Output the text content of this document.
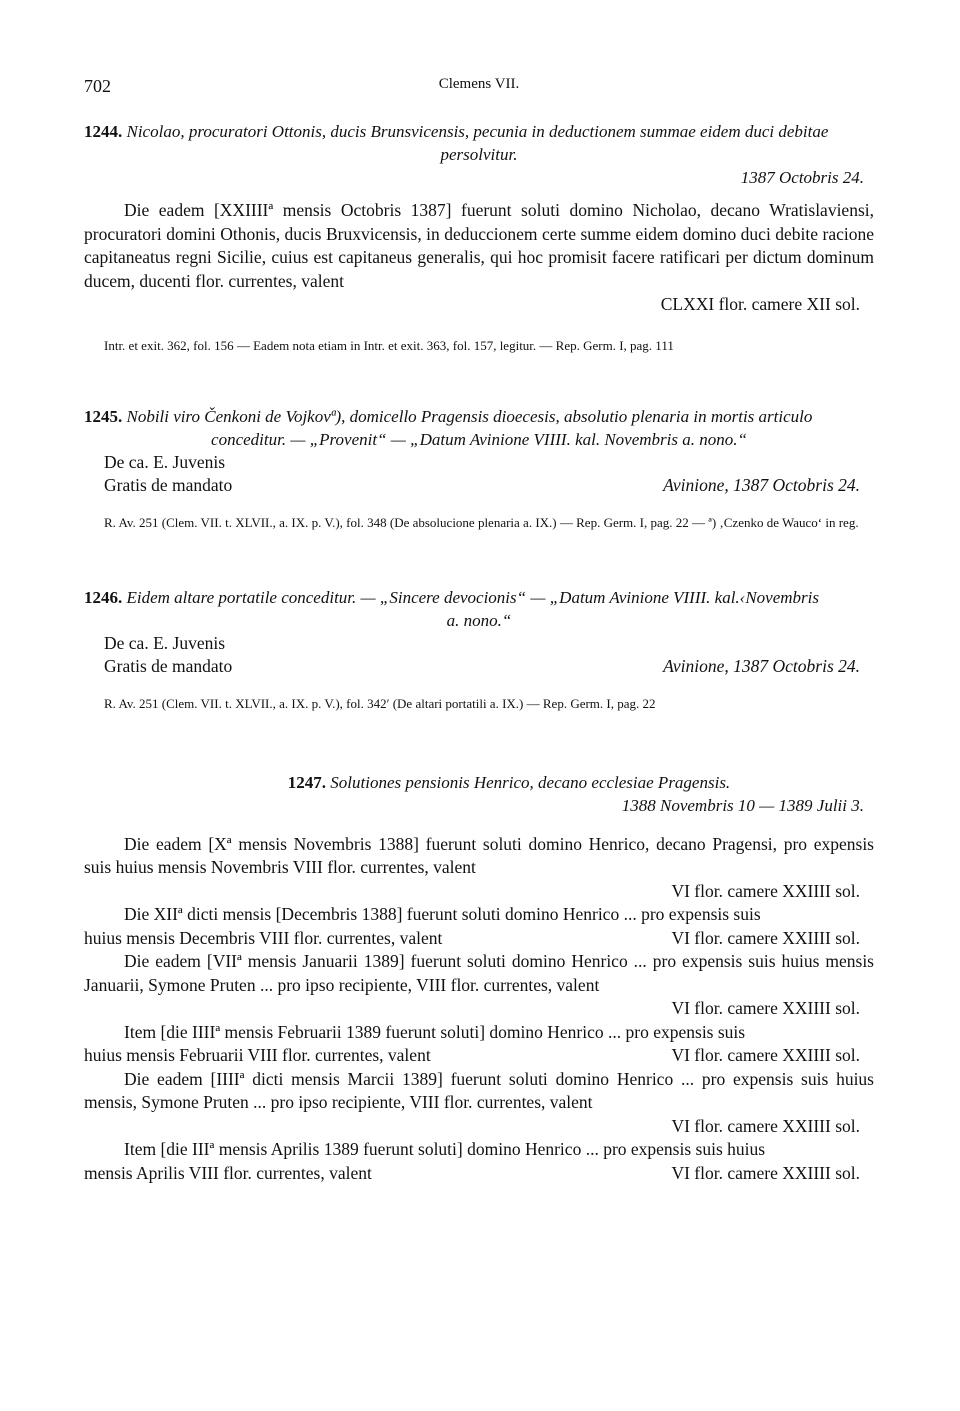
702	Clemens VII.
1244. Nicolao, procuratori Ottonis, ducis Brunsvicensis, pecunia in deductionem summae eidem duci debitae
persolvitur.
1387 Octobris 24.

Die eadem [XXIIIIª mensis Octobris 1387] fuerunt soluti domino Nicholao, decano Wratislaviensi, procuratori domini Othonis, ducis Bruxvicensis, in deduccionem certe summe eidem domino duci debite racione capitaneatus regni Sicilie, cuius est capitaneus generalis, qui hoc promisit facere ratificari per dictum dominum ducem, ducenti flor. currentes, valent

CLXXI flor. camere XII sol.
Intr. et exit. 362, fol. 156 — Eadem nota etiam in Intr. et exit. 363, fol. 157, legitur. — Rep. Germ. I, pag. 111
1245. Nobili viro Čenkoni de Vojkovª), domicello Pragensis dioecesis, absolutio plenaria in mortis articulo
conceditur. — „Provenit“ — „Datum Avinione VIIII. kal. Novembris a. nono.“
De ca. E. Juvenis
Gratis de mandato	Avinione, 1387 Octobris 24.
R. Av. 251 (Clem. VII. t. XLVII., a. IX. p. V.), fol. 348 (De absolucione plenaria a. IX.) — Rep. Germ. I, pag. 22 — ª) ‚Czenko de Wauco‘ in reg.
1246. Eidem altare portatile conceditur. — „Sincere devocionis“ — „Datum Avinione VIIII. kal.‹Novembris
a. nono.“
De ca. E. Juvenis
Gratis de mandato	Avinione, 1387 Octobris 24.
R. Av. 251 (Clem. VII. t. XLVII., a. IX. p. V.), fol. 342′ (De altari portatili a. IX.) — Rep. Germ. I, pag. 22
1247. Solutiones pensionis Henrico, decano ecclesiae Pragensis.
1388 Novembris 10 — 1389 Julii 3.

Die eadem [Xª mensis Novembris 1388] fuerunt soluti domino Henrico, decano Pragensi, pro expensis suis huius mensis Novembris VIII flor. currentes, valent

VI flor. camere XXIIII sol.

Die XIIª dicti mensis [Decembris 1388] fuerunt soluti domino Henrico ... pro expensis suis

huius mensis Decembris VIII flor. currentes, valent	VI flor. camere XXIIII sol.

Die eadem [VIIª mensis Januarii 1389] fuerunt soluti domino Henrico ... pro expensis suis huius mensis Januarii, Symone Pruten ... pro ipso recipiente, VIII flor. currentes, valent

VI flor. camere XXIIII sol.

Item [die IIIIª mensis Februarii 1389 fuerunt soluti] domino Henrico ... pro expensis suis

huius mensis Februarii VIII flor. currentes, valent	VI flor. camere XXIIII sol.

Die eadem [IIIIª dicti mensis Marcii 1389] fuerunt soluti domino Henrico ... pro expensis suis huius mensis, Symone Pruten ... pro ipso recipiente, VIII flor. currentes, valent

VI flor. camere XXIIII sol.

Item [die IIIª mensis Aprilis 1389 fuerunt soluti] domino Henrico ... pro expensis suis huius

mensis Aprilis VIII flor. currentes, valent	VI flor. camere XXIIII sol.
